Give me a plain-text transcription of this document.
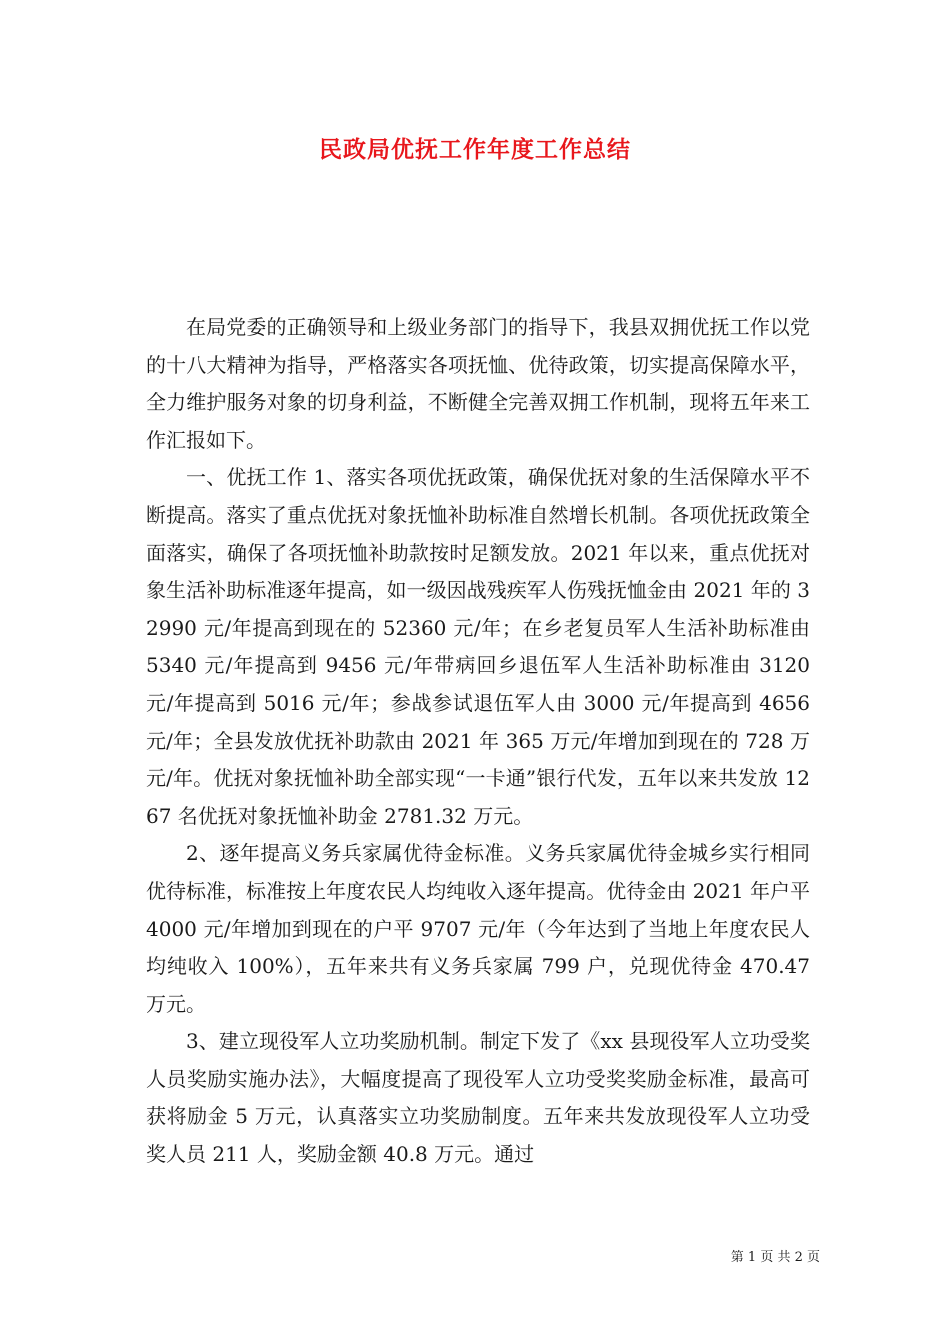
民政局优抚工作年度工作总结

在局党委的正确领导和上级业务部门的指导下，我县双拥优抚工作以党的十八大精神为指导，严格落实各项抚恤、优待政策，切实提高保障水平，全力维护服务对象的切身利益，不断健全完善双拥工作机制，现将五年来工作汇报如下。

一、优抚工作 1、落实各项优抚政策，确保优抚对象的生活保障水平不断提高。落实了重点优抚对象抚恤补助标准自然增长机制。各项优抚政策全面落实，确保了各项抚恤补助款按时足额发放。2021 年以来，重点优抚对象生活补助标准逐年提高，如一级因战残疾军人伤残抚恤金由 2021 年的 32990 元/年提高到现在的 52360 元/年；在乡老复员军人生活补助标准由 5340 元/年提高到 9456 元/年带病回乡退伍军人生活补助标准由 3120 元/年提高到 5016 元/年；参战参试退伍军人由 3000 元/年提高到 4656 元/年；全县发放优抚补助款由 2021 年 365 万元/年增加到现在的 728 万元/年。优抚对象抚恤补助全部实现“一卡通”银行代发，五年以来共发放 1267 名优抚对象抚恤补助金 2781.32 万元。

2、逐年提高义务兵家属优待金标准。义务兵家属优待金城乡实行相同优待标准，标准按上年度农民人均纯收入逐年提高。优待金由 2021 年户平 4000 元/年增加到现在的户平 9707 元/年（今年达到了当地上年度农民人均纯收入 100%），五年来共有义务兵家属 799 户，兑现优待金 470.47 万元。

3、建立现役军人立功奖励机制。制定下发了《xx 县现役军人立功受奖人员奖励实施办法》，大幅度提高了现役军人立功受奖奖励金标准，最高可获将励金 5 万元，认真落实立功奖励制度。五年来共发放现役军人立功受奖人员 211 人，奖励金额 40.8 万元。通过

第 1 页 共 2 页
